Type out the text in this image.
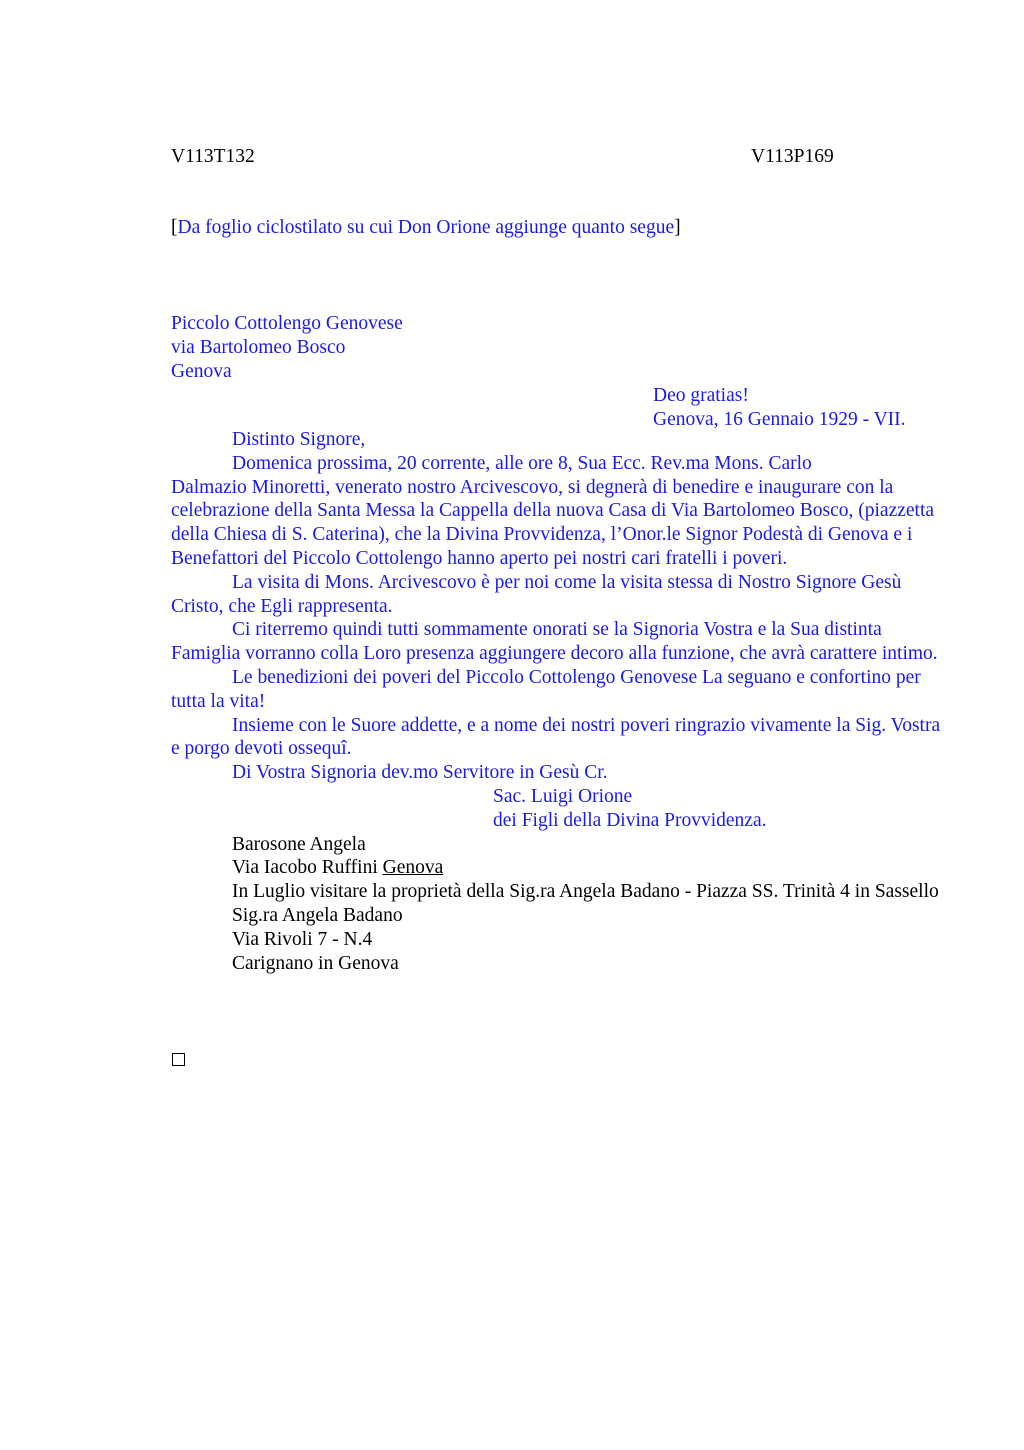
V113T132	V113P169
[Da foglio ciclostilato su cui Don Orione aggiunge quanto segue]
Piccolo Cottolengo Genovese
via Bartolomeo Bosco
Genova
Deo gratias!
Genova, 16 Gennaio 1929 - VII.

Distinto Signore,

Domenica prossima, 20 corrente, alle ore 8, Sua Ecc. Rev.ma Mons. Carlo

Dalmazio Minoretti, venerato nostro Arcivescovo, si degnerà di benedire e inaugurare con la celebrazione della Santa Messa la Cappella della nuova Casa di Via Bartolomeo Bosco, (piazzetta della Chiesa di S. Caterina), che la Divina Provvidenza, l’Onor.le Signor Podestà di Genova e i Benefattori del Piccolo Cottolengo hanno aperto pei nostri cari fratelli i poveri.

La visita di Mons. Arcivescovo è per noi come la visita stessa di Nostro Signore Gesù Cristo, che Egli rappresenta.

Ci riterremo quindi tutti sommamente onorati se la Signoria Vostra e la Sua distinta Famiglia vorranno colla Loro presenza aggiungere decoro alla funzione, che avrà carattere intimo.

Le benedizioni dei poveri del Piccolo Cottolengo Genovese La seguano e confortino per tutta la vita!

Insieme con le Suore addette, e a nome dei nostri poveri ringrazio vivamente la Sig. Vostra e porgo devoti ossequî.

Di Vostra Signoria dev.mo Servitore in Gesù Cr.

Sac. Luigi Orione

dei Figli della Divina Provvidenza.

Barosone Angela

Via Iacobo Ruffini Genova

In Luglio visitare la proprietà della Sig.ra Angela Badano - Piazza SS. Trinità 4 in Sassello

Sig.ra Angela Badano

Via Rivoli 7 - N.4

Carignano in Genova
